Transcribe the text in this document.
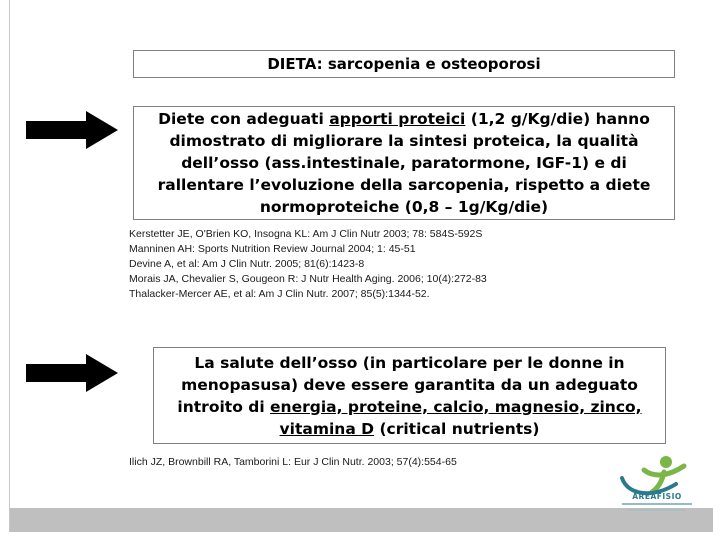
DIETA: sarcopenia e osteoporosi
Diete con adeguati apporti proteici (1,2 g/Kg/die) hanno dimostrato di migliorare la sintesi proteica, la qualità dell’osso (ass.intestinale, paratormone, IGF-1) e di rallentare l’evoluzione della sarcopenia, rispetto a diete normoproteiche (0,8 – 1g/Kg/die)
Kerstetter JE, O'Brien KO, Insogna KL: Am J Clin Nutr 2003; 78: 584S-592S
Manninen AH: Sports Nutrition Review Journal 2004; 1: 45-51
Devine A, et al: Am J Clin Nutr. 2005; 81(6):1423-8
Morais JA, Chevalier S, Gougeon R: J Nutr Health Aging. 2006; 10(4):272-83
Thalacker-Mercer AE, et al: Am J Clin Nutr. 2007; 85(5):1344-52.
La salute dell’osso (in particolare per le donne in menopasusa) deve essere garantita da un adeguato introito di energia, proteine, calcio, magnesio, zinco, vitamina D (critical nutrients)
Ilich JZ, Brownbill RA, Tamborini L: Eur J Clin Nutr. 2003; 57(4):554-65
AREAFISIO
